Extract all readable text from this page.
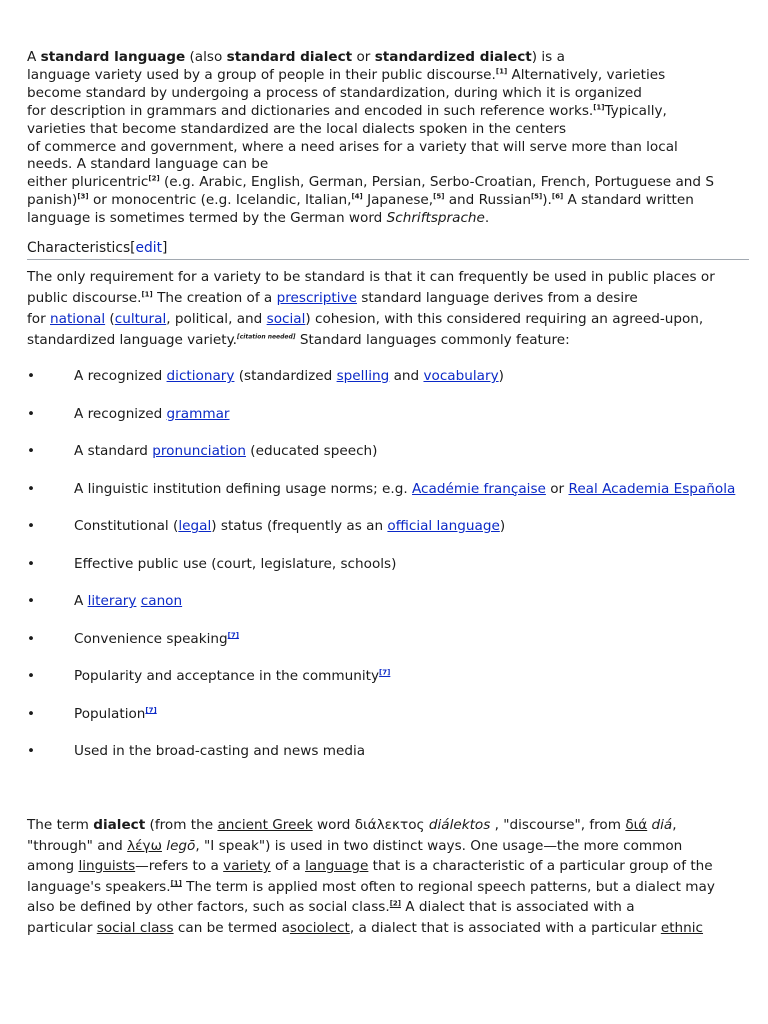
A standard language (also standard dialect or standardized dialect) is a
language variety used by a group of people in their public discourse.[1] Alternatively, varieties
become standard by undergoing a process of standardization, during which it is organized
for description in grammars and dictionaries and encoded in such reference works.[1]Typically,
varieties that become standardized are the local dialects spoken in the centers
of commerce and government, where a need arises for a variety that will serve more than local
needs. A standard language can be
either pluricentric[2] (e.g. Arabic, English, German, Persian, Serbo-Croatian, French, Portuguese and S
panish)[3] or monocentric (e.g. Icelandic, Italian,[4] Japanese,[5] and Russian[5]).[6] A standard written
language is sometimes termed by the German word Schriftsprache.

Characteristics[edit]

The only requirement for a variety to be standard is that it can frequently be used in public places or
public discourse.[1] The creation of a prescriptive standard language derives from a desire
for national (cultural, political, and social) cohesion, with this considered requiring an agreed-upon,
standardized language variety.[citation needed] Standard languages commonly feature:

•	A recognized dictionary (standardized spelling and vocabulary)
•	A recognized grammar
•	A standard pronunciation (educated speech)
•	A linguistic institution defining usage norms; e.g. Académie française or Real Academia Española
•	Constitutional (legal) status (frequently as an official language)
•	Effective public use (court, legislature, schools)
•	A literary canon
•	Convenience speaking[7]
•	Popularity and acceptance in the community[7]
•	Population[7]
•	Used in the broad-casting and news media

The term dialect (from the ancient Greek word διάλεκτος diálektos , "discourse", from διά diá,
"through" and λέγω legō, "I speak") is used in two distinct ways. One usage—the more common
among linguists—refers to a variety of a language that is a characteristic of a particular group of the
language's speakers.[1] The term is applied most often to regional speech patterns, but a dialect may
also be defined by other factors, such as social class.[2] A dialect that is associated with a
particular social class can be termed asociolect, a dialect that is associated with a particular ethnic
